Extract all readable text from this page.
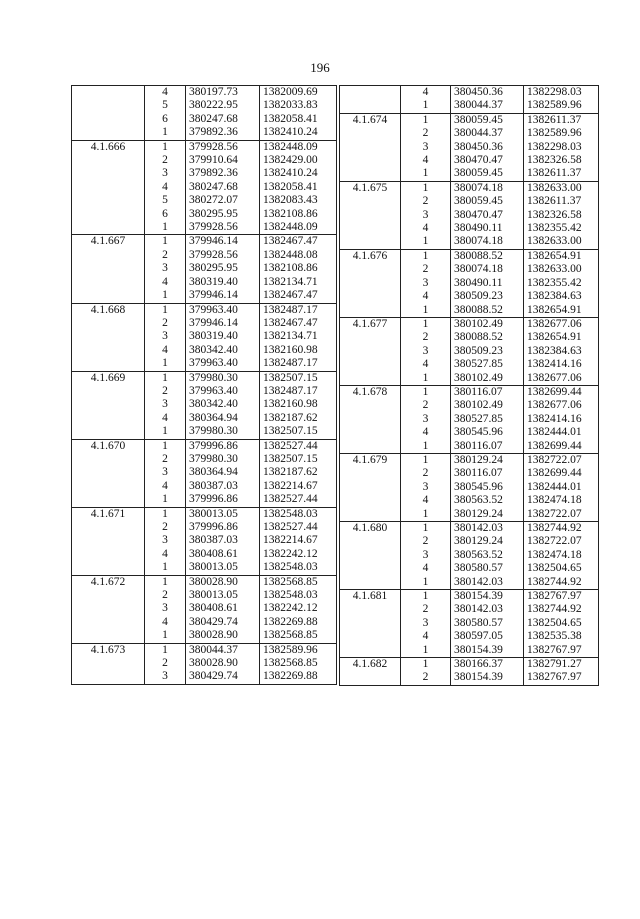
196
	4	380197.73	1382009.69
	5	380222.95	1382033.83
	6	380247.68	1382058.41
	1	379892.36	1382410.24
4.1.666	1	379928.56	1382448.09
	2	379910.64	1382429.00
	3	379892.36	1382410.24
	4	380247.68	1382058.41
	5	380272.07	1382083.43
	6	380295.95	1382108.86
	1	379928.56	1382448.09
4.1.667	1	379946.14	1382467.47
	2	379928.56	1382448.08
	3	380295.95	1382108.86
	4	380319.40	1382134.71
	1	379946.14	1382467.47
4.1.668	1	379963.40	1382487.17
	2	379946.14	1382467.47
	3	380319.40	1382134.71
	4	380342.40	1382160.98
	1	379963.40	1382487.17
4.1.669	1	379980.30	1382507.15
	2	379963.40	1382487.17
	3	380342.40	1382160.98
	4	380364.94	1382187.62
	1	379980.30	1382507.15
4.1.670	1	379996.86	1382527.44
	2	379980.30	1382507.15
	3	380364.94	1382187.62
	4	380387.03	1382214.67
	1	379996.86	1382527.44
4.1.671	1	380013.05	1382548.03
	2	379996.86	1382527.44
	3	380387.03	1382214.67
	4	380408.61	1382242.12
	1	380013.05	1382548.03
4.1.672	1	380028.90	1382568.85
	2	380013.05	1382548.03
	3	380408.61	1382242.12
	4	380429.74	1382269.88
	1	380028.90	1382568.85
4.1.673	1	380044.37	1382589.96
	2	380028.90	1382568.85
	3	380429.74	1382269.88
	4	380450.36	1382298.03
	1	380044.37	1382589.96
4.1.674	1	380059.45	1382611.37
	2	380044.37	1382589.96
	3	380450.36	1382298.03
	4	380470.47	1382326.58
	1	380059.45	1382611.37
4.1.675	1	380074.18	1382633.00
	2	380059.45	1382611.37
	3	380470.47	1382326.58
	4	380490.11	1382355.42
	1	380074.18	1382633.00
4.1.676	1	380088.52	1382654.91
	2	380074.18	1382633.00
	3	380490.11	1382355.42
	4	380509.23	1382384.63
	1	380088.52	1382654.91
4.1.677	1	380102.49	1382677.06
	2	380088.52	1382654.91
	3	380509.23	1382384.63
	4	380527.85	1382414.16
	1	380102.49	1382677.06
4.1.678	1	380116.07	1382699.44
	2	380102.49	1382677.06
	3	380527.85	1382414.16
	4	380545.96	1382444.01
	1	380116.07	1382699.44
4.1.679	1	380129.24	1382722.07
	2	380116.07	1382699.44
	3	380545.96	1382444.01
	4	380563.52	1382474.18
	1	380129.24	1382722.07
4.1.680	1	380142.03	1382744.92
	2	380129.24	1382722.07
	3	380563.52	1382474.18
	4	380580.57	1382504.65
	1	380142.03	1382744.92
4.1.681	1	380154.39	1382767.97
	2	380142.03	1382744.92
	3	380580.57	1382504.65
	4	380597.05	1382535.38
	1	380154.39	1382767.97
4.1.682	1	380166.37	1382791.27
	2	380154.39	1382767.97
